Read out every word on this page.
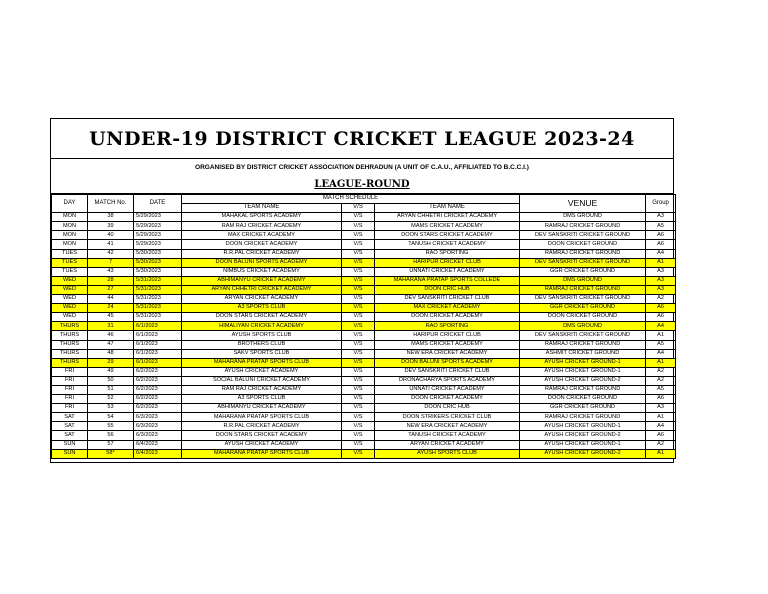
UNDER-19 DISTRICT CRICKET LEAGUE 2023-24
ORGANISED BY DISTRICT CRICKET ASSOCIATION DEHRADUN (A UNIT OF C.A.U., AFFILIATED TO B.C.C.I.)
LEAGUE-ROUND
DAY	MATCH No.	DATE	MATCH SCHEDULE			VENUE	Group
			TEAM NAME	V/S	TEAM NAME		
MON	38	5/29/2023	MAHAKAL SPORTS ACADEMY	V/S	ARYAN CHHETRI CRICKET ACADEMY	DMS GROUND	A3
MON	39	5/29/2023	RAM RAJ CRICKET ACADEMY	V/S	MAMS CRICKET ACADEMY	RAMRAJ CRICKET GROUND	A5
MON	40	5/29/2023	MAX CRICKET ACADEMY	V/S	DOON STARS CRICKET ACADEMY	DEV SANSKRITI CRICKET GROUND	A6
MON	41	5/29/2023	DOON CRICKET ACADEMY	V/S	TANUSH CRICKET ACADEMY	DOON CRICKET GROUND	A6
TUES	42	5/30/2023	R.R.PAL CRICKET ACADEMY	V/S	RAO SPORTING	RAMRAJ CRICKET GROUND	A4
TUES	7	5/30/2023	DOON BALUNI SPORTS ACADEMY	V/S	HARIPUR CRICKET CLUB	DEV SANSKRITI CRICKET GROUND	A1
TUES	43	5/30/2023	NIMBUS CRICKET ACADEMY	V/S	UNNATI CRICKET ACADEMY	GGR CRICKET GROUND	A3
WED	28	5/31/2023	ABHIMANYU CRICKET ACADEMY	V/S	MAHARANA PRATAP SPORTS COLLEDE	DMS GROUND	A3
WED	27	5/31/2023	ARYAN CHHETRI CRICKET ACADEMY	V/S	DOON CRIC HUB	RAMRAJ CRICKET GROUND	A3
WED	44	5/31/2023	ARYAN CRICKET ACADEMY	V/S	DEV SANSKRITI CRICKET CLUB	DEV SANSKRITI CRICKET GROUND	A2
WED	24	5/31/2023	A3 SPORTS CLUB	V/S	MAX CRICKET ACADEMY	GGR CRICKET GROUND	A6
WED	45	5/31/2023	DOON STARS CRICKET ACADEMY	V/S	DOON CRICKET ACADEMY	DOON CRICKET GROUND	A6
THURS	31	6/1/2023	HIMALIYAN CRICKET ACADEMY	V/S	RAO SPORTING	DMS GROUND	A4
THURS	46	6/1/2023	AYUSH SPORTS CLUB	V/S	HARIPUR CRICKET CLUB	DEV SANSKRITI CRICKET GROUND	A1
THURS	47	6/1/2023	BROTHERS CLUB	V/S	MAMS CRICKET ACADEMY	RAMRAJ CRICKET GROUND	A5
THURS	48	6/1/2023	SAKV SPORTS CLUB	V/S	NEW ERA CRICKET ACADEMY	ASHMIT CRICKET GROUND	A4
THURS	29	6/1/2023	MAHARANA PRATAP SPORTS CLUB	V/S	DOON BALUNI SPORTS ACADEMY	AYUSH CRICKET GROUND-1	A1
FRI	49	6/2/2023	AYUSH CRICKET ACADEMY	V/S	DEV SANSKRITI CRICKET CLUB	AYUSH CRICKET GROUND-1	A2
FRI	50	6/2/2023	SOCIAL BALUNI CRICKET ACADEMY	V/S	DRONACHARYA SPORTS ACADEMY	AYUSH CRICKET GROUND-2	A2
FRI	51	6/2/2023	RAM RAJ CRICKET ACADEMY	V/S	UNNATI CRICKET ACADEMY	RAMRAJ CRICKET GROUND	A5
FRI	52	6/2/2023	A3 SPORTS CLUB	V/S	DOON CRICKET ACADEMY	DOON CRICKET GROUND	A6
FRI	53	6/2/2023	ABHIMANYU CRICKET ACADEMY	V/S	DOON CRIC HUB	GGR CRICKET GROUND	A3
SAT	54	6/3/2023	MAHARANA PRATAP SPORTS CLUB	V/S	DOON STRIKERS CRICKET CLUB	RAMRAJ CRICKET GROUND	A1
SAT	55	6/3/2023	R.R.PAL CRICKET ACADEMY	V/S	NEW ERA CRICKET ACADEMY	AYUSH CRICKET GROUND-1	A4
SAT	56	6/3/2023	DOON STARS CRICKET ACADEMY	V/S	TANUSH CRICKET ACADEMY	AYUSH CRICKET GROUND-2	A6
SUN	57	6/4/2023	AYUSH CRICKET ACADEMY	V/S	ARYAN CRICKET ACADEMY	AYUSH CRICKET GROUND-1	A2
SUN	58*	6/4/2023	MAHARANA PRATAP SPORTS CLUB	V/S	AYUSH SPORTS CLUB	AYUSH CRICKET GROUND-2	A1
